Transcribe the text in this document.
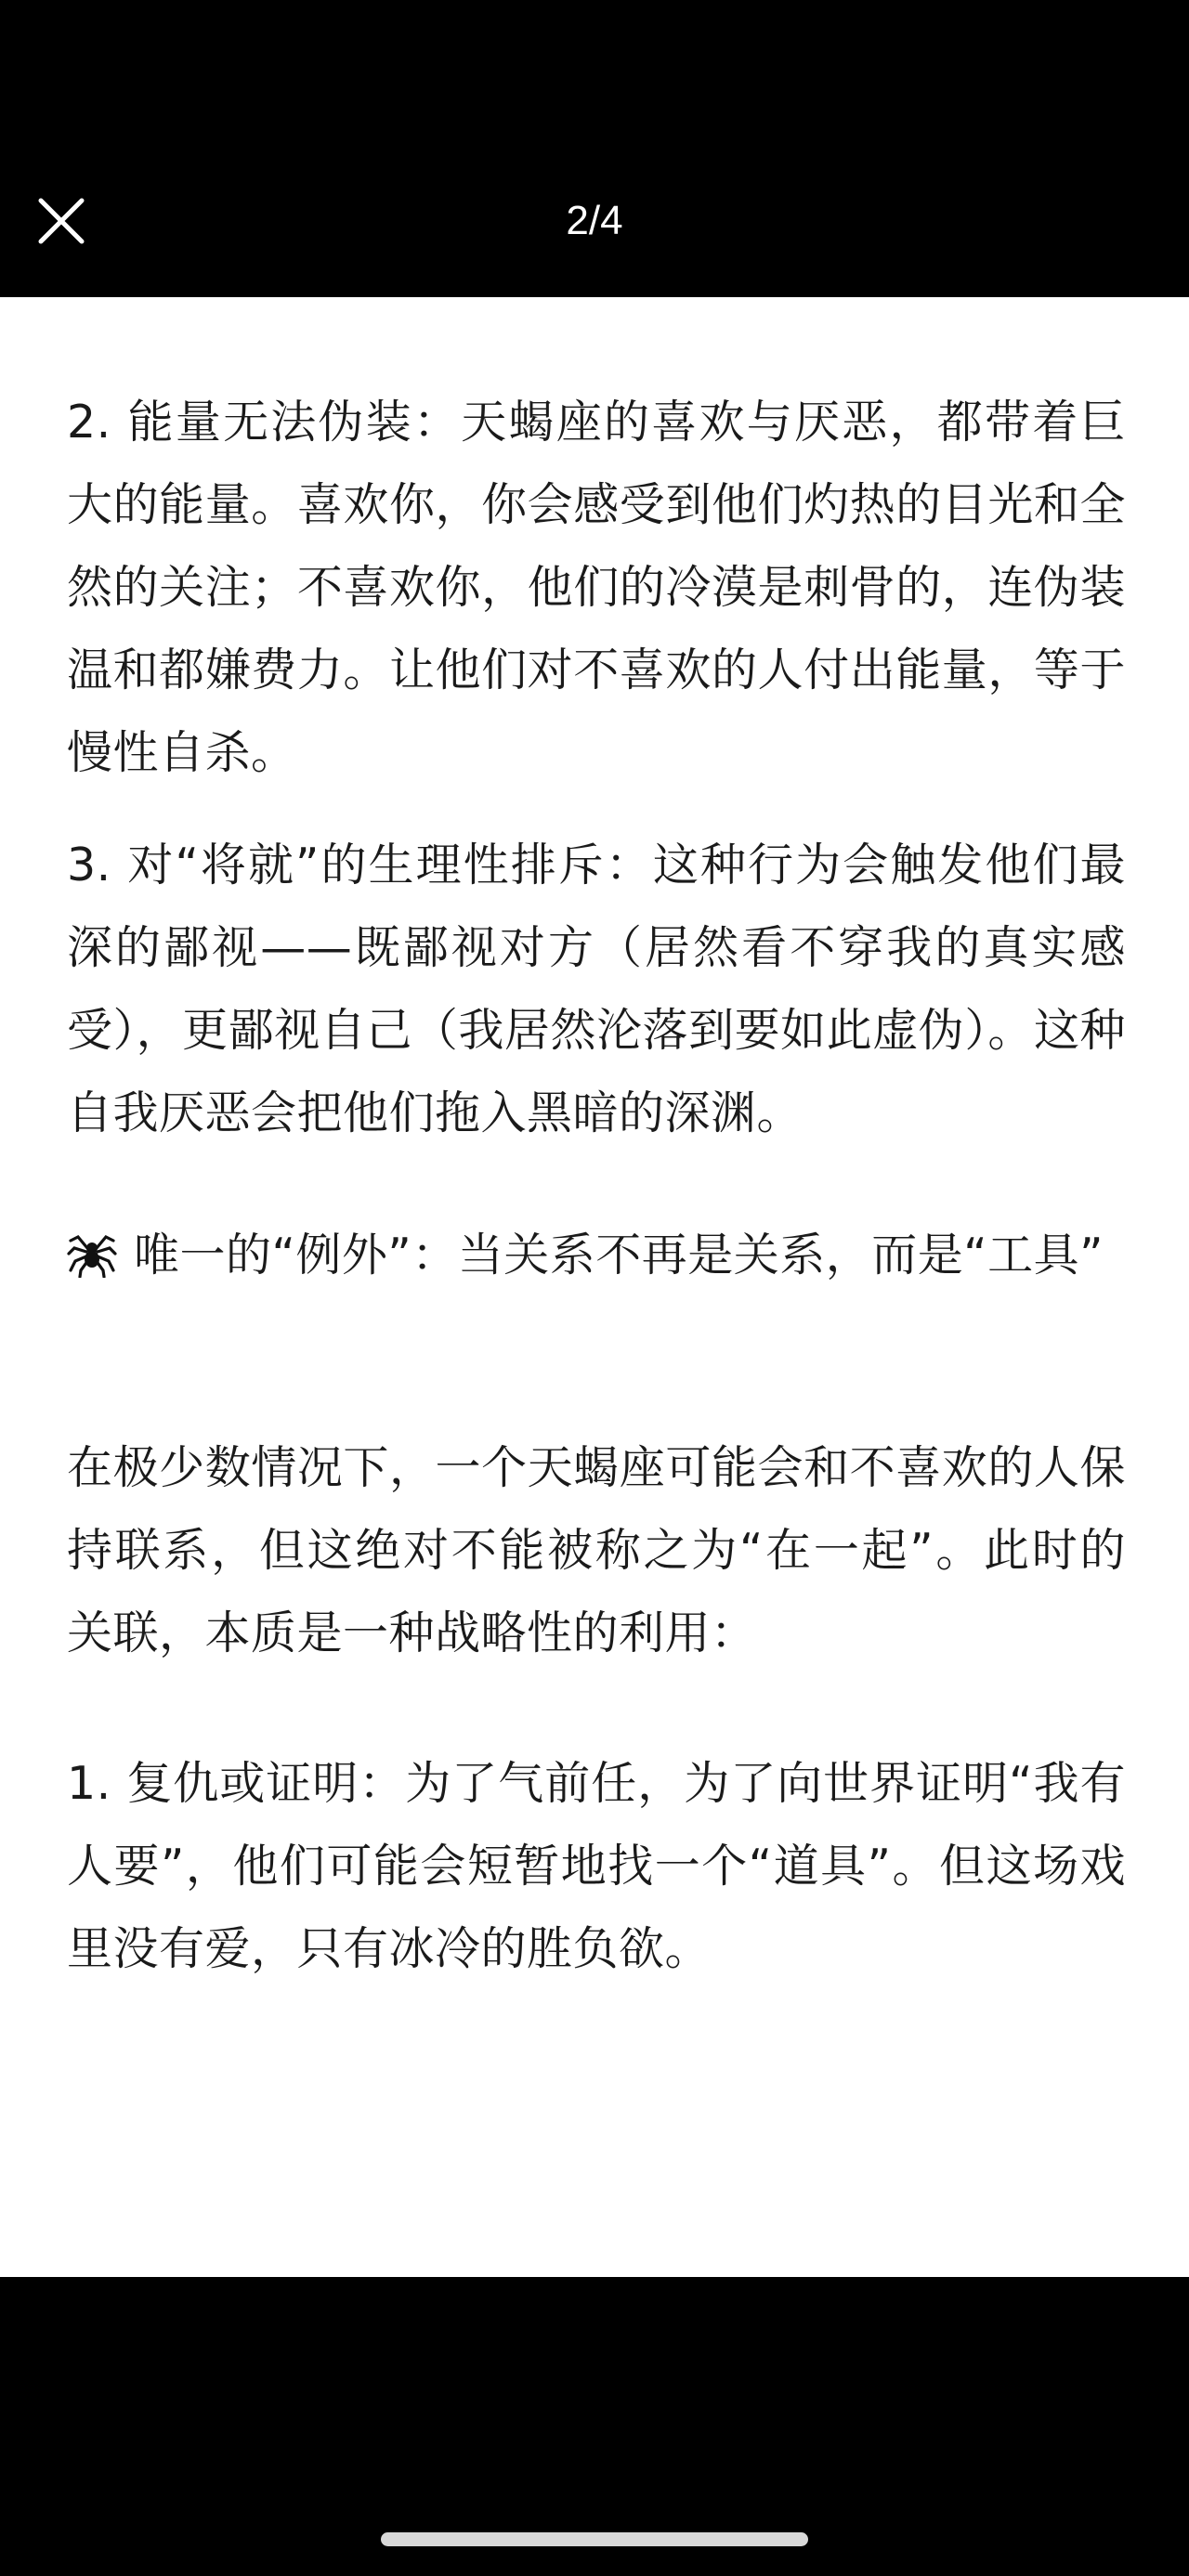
2/4

2. 能量无法伪装：天蝎座的喜欢与厌恶，都带着巨大的能量。喜欢你，你会感受到他们灼热的目光和全然的关注；不喜欢你，他们的冷漠是刺骨的，连伪装温和都嫌费力。让他们对不喜欢的人付出能量，等于慢性自杀。

3. 对“将就”的生理性排斥：这种行为会触发他们最深的鄙视——既鄙视对方（居然看不穿我的真实感受），更鄙视自己（我居然沦落到要如此虚伪）。这种自我厌恶会把他们拖入黑暗的深渊。

唯一的“例外”：当关系不再是关系，而是“工具”

在极少数情况下，一个天蝎座可能会和不喜欢的人保持联系，但这绝对不能被称之为“在一起”。此时的关联，本质是一种战略性的利用：

1. 复仇或证明：为了气前任，为了向世界证明“我有人要”，他们可能会短暂地找一个“道具”。但这场戏里没有爱，只有冰冷的胜负欲。
